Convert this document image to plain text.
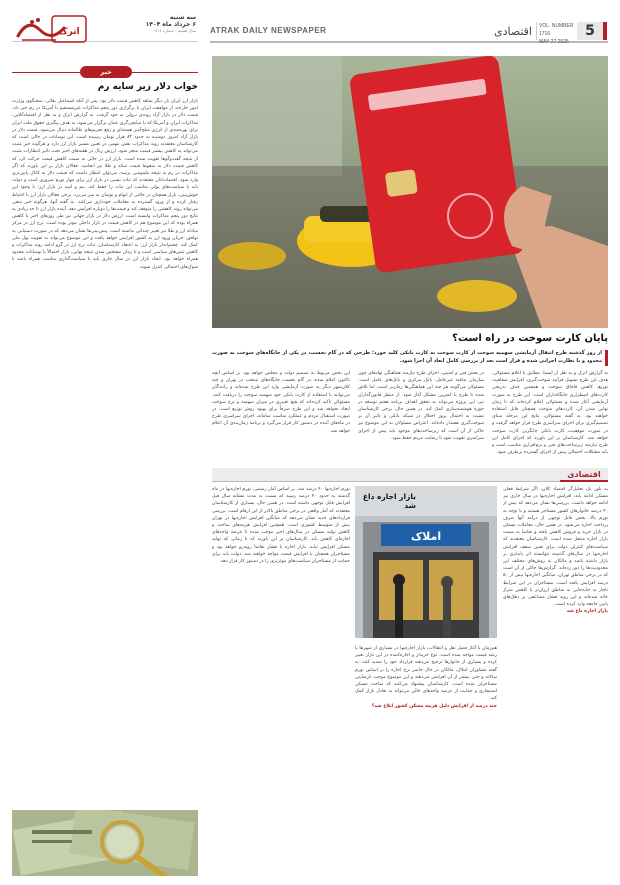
5
VOL. NUMBER 1716
MAY 27 2025
اقتصادی
ATRAK DAILY NEWSPAPER
اترک
سه شنبه
۶ خرداد ماه ۱۴۰۴
سال هشتم - شماره ۱۷۱۶
پایان کارت سوخت در راه است؟
از روز گذشته طرح انتقال آزمایشی سهمیه سوخت از کارت سوخت به کارت بانکی کلید خورد؛ طرحی که در گام نخست، در یکی از جایگاه‌های سوخت به صورت محدود و با نظارت اجرایی شده و قرار است بعد از بررسی کامل ابعاد آن اجرا شود.
به گزارش اترک و به نقل از ایسنا، مطابق با اعلام مسئولان، هدف این طرح تسهیل فرآیند سوخت‌گیری، افزایش شفافیت توزیع، کاهش قاچاق سوخت و همچنین حذف تدریجی کارت‌های اضطراری جایگاه‌داران است. این طرح به صورت آزمایشی آغاز شده و مسئولان اعلام کرده‌اند که تا زمان نهایی شدن آن، کارت‌های سوخت همچنان قابل استفاده خواهند بود. به گفته مسئولان، نتایج این مرحله مبنای تصمیم‌گیری برای اجرای سراسری طرح قرار خواهد گرفت و در صورت موفقیت، کارت بانکی جایگزین کارت سوخت خواهد شد. کارشناسان بر این باورند که اجرای کامل این طرح نیازمند زیرساخت‌های فنی و نرم‌افزاری مناسب است و باید مشکلات احتمالی پیش از اجرای گسترده برطرف شود.
در بخش فنی و امنیتی، اجرای طرح نیازمند هماهنگی نهادهای چون سازمان پدافند غیرعامل، بانک مرکزی و بانک‌های عامل است. مسئولان می‌گویند هر چند این هماهنگی‌ها زمان‌بر است، اما تلاش شده تا طرح با کمترین مشکل آغاز شود. از منظر قانون‌گذاران نیز، این پروژه می‌تواند به تحقق اهداف برنامه هفتم توسعه در حوزه هوشمندسازی کمک کند. در همین حال، برخی کارشناسان نسبت به احتمال بروز اختلال در شبکه بانکی و تاثیر آن بر سوخت‌گیری هشدار داده‌اند. اعتراض مسئولان به این موضوع نیز حاکی از آن است که زیرساخت‌های موجود باید پیش از اجرای سراسری تقویت شود تا رضایت مردم حفظ شود.
این بخش مربوط به تصمیم دولت و مجلس خواهد بود. بر اساس آنچه تاکنون اعلام شده، در گام نخست جایگاه‌های منتخب در تهران و چند کلان‌شهر دیگر به صورت آزمایشی وارد این طرح شده‌اند و رانندگان می‌توانند با استفاده از کارت بانکی خود سهمیه سوخت را دریافت کنند. مسئولان تاکید کرده‌اند که هیچ تغییری در میزان سهمیه و نرخ سوخت ایجاد نخواهد شد و این طرح صرفاً برای بهبود روش توزیع است. در صورت استقبال مردم و عملکرد مناسب سامانه، اجرای سراسری طرح در ماه‌های آینده در دستور کار قرار می‌گیرد و برنامه زمان‌بندی آن اعلام خواهد شد.
اقتصادی
املاک
بازار اجاره داغ شد
به باور یک تحلیل‌گر اقتصاد کلان، اگر شرایط فعلی مسکن ادامه یابد، افزایش اجاره‌بها در سال جاری نیز ادامه خواهد داشت. بررسی‌ها نشان می‌دهد که بیش از ۴۰ درصد خانوارهای کشور مستاجر هستند و با توجه به تورم بالا، بخش قابل توجهی از درآمد آنها صرف پرداخت اجاره می‌شود. در همین حال، معاملات مسکن در بازار خرید و فروش کاهش یافته و تقاضا به سمت بازار اجاره منتقل شده است. کارشناسان معتقدند که سیاست‌های کنترلی دولت برای تعیین سقف افزایش اجاره‌بها در سال‌های گذشته نتوانسته اثر پایداری بر بازار داشته باشد و مالکان به روش‌های مختلف این محدودیت‌ها را دور زده‌اند. گزارش‌ها حاکی از آن است که در برخی مناطق تهران، میانگین اجاره‌بها بیش از ۵۰ درصد افزایش یافته است. مستاجران در این شرایط ناچار به جابه‌جایی به مناطق ارزان‌تر یا کاهش متراژ خانه شده‌اند و این روند فشار مضاعفی بر دهک‌های پایین جامعه وارد کرده است.
بازار اجاره داغ شد
هم‌زمان با آغاز فصل نقل و انتقالات، بازار اجاره‌بها در بسیاری از شهرها با رشد قیمت مواجه شده است. نوع خریدار و اجاره‌کننده در این بازار تغییر کرده و بسیاری از خانوارها ترجیح می‌دهند قرارداد خود را تمدید کنند. به گفته مشاوران املاک، مالکان در حال حاضر نرخ اجاره را بر اساس تورم سالانه و حتی بیشتر از آن افزایش می‌دهند و این موضوع موجب نارضایتی مستاجران شده است. کارشناسان پیشنهاد می‌کنند که ساخت مسکن استیجاری و حمایت از عرضه واحدهای خالی می‌تواند به تعادل بازار کمک کند.
چند درصد از افزایش دلیل هزینه مسکن کشور ابلاغ شد؟
تورم اجاره‌بها ۴۰ درصد شد. بر اساس آمار رسمی، تورم اجاره‌بها در ماه گذشته به حدود ۴۰ درصد رسید که نسبت به مدت مشابه سال قبل افزایش قابل توجهی داشته است. در همین حال، بسیاری از کارشناسان معتقدند که آمار واقعی در برخی مناطق بالاتر از این ارقام است. بررسی قراردادهای جدید نشان می‌دهد که میانگین افزایش اجاره‌بها در تهران بیش از متوسط کشوری است. همچنین افزایش هزینه‌های ساخت و کاهش تولید مسکن در سال‌های اخیر موجب شده تا عرضه واحدهای اجاره‌ای کاهش یابد. کارشناسان بر این باورند که تا زمانی که تولید مسکن افزایش نیابد، بازار اجاره با فشار تقاضا روبه‌رو خواهد بود و مستاجران همچنان با افزایش قیمت مواجه خواهند شد. دولت باید برای حمایت از مستاجران سیاست‌های موثرتری را در دستور کار قرار دهد.
خبر
خواب دلار زیر سایه رم
بازار ارز ایران بار دیگر شاهد کاهش قیمت دلار بود. پس از آنکه اسماعیل بقائی، سخنگوی وزارت امور خارجه، از موافقت ایران با برگزاری دور پنجم مذاکرات غیرمستقیم با آمریکا در رم خبر داد، قیمت دلار در بازار آزاد روندی نزولی به خود گرفت. به گزارش اترک و به نقل از اقتصادآنلاین، مذاکرات ایران و آمریکا که با میانجی‌گری عمان برگزار می‌شود، به هدف پیگیری حقوق ملت ایران برای بهره‌مندی از انرژی صلح‌آمیز هسته‌ای و رفع تحریم‌های ظالمانه دنبال می‌شود. قیمت دلار در بازار آزاد امروز دوشنبه به حدود ۸۲ هزار تومان رسیده است. این نوسانات در حالی است که کارشناسان معتقدند روند مذاکرات نقش مهمی در تعیین مسیر بازار ارز دارد و هرگونه خبر مثبت می‌تواند به کاهش بیشتر قیمت منجر شود. ارزش ریال در هفته‌های اخیر تحت تاثیر انتظارات مثبت از نتیجه گفت‌وگوها تقویت شده است. بازار ارز در حالی به سمت کاهش قیمت حرکت کرد که کاهش قیمت دلار به سقوط قیمت سکه و طلا نیز انجامید. فعالان بازار بر این باورند که اگر مذاکرات در رم به نتیجه ملموسی برسد، می‌توان انتظار داشت که قیمت دلار به کانال پایین‌تری وارد شود. اقتصاددانان معتقدند که ثبات نسبی در بازار ارز برای مهار تورم ضروری است و دولت باید با سیاست‌های پولی مناسب این ثبات را حفظ کند. بیم و امید در بازار ارز: با وجود این خوش‌بینی، بازار همچنان در حالتی از ابهام و نوسان به سر می‌برد. برخی فعالان بازار ارز با احتیاط رفتار کرده و از ورود گسترده به معاملات خودداری می‌کنند. به گفته آنها، هرگونه خبر منفی می‌تواند روند کاهشی را متوقف کند و قیمت‌ها را دوباره افزایش دهد. آینده بازار ارز تا حد زیادی به نتایج دور پنجم مذاکرات وابسته است. ارزش دلار در بازار جهانی نیز طی روزهای اخیر با کاهش همراه بوده که این موضوع هم در کاهش قیمت در بازار داخلی موثر بوده است. نرخ ارز در مرکز مبادله ارز و طلا نیز تغییر چندانی نداشته است. پیش‌بینی‌ها نشان می‌دهد که در صورت دستیابی به توافق، جریان ورود ارز به کشور افزایش خواهد یافت و این موضوع می‌تواند به تقویت پول ملی کمک کند. چشم‌انداز بازار ارز: به اعتقاد کارشناسان، ثبات نرخ ارز در گرو ادامه روند مذاکرات و کاهش تنش‌های سیاسی است و تا زمان مشخص شدن نتیجه نهایی، بازار احتمالاً با نوسانات محدود همراه خواهد بود. ایجاد بازار ارز در سال جاری باید با سیاست‌گذاری مناسب همراه باشد تا شوک‌های احتمالی کنترل شوند.
